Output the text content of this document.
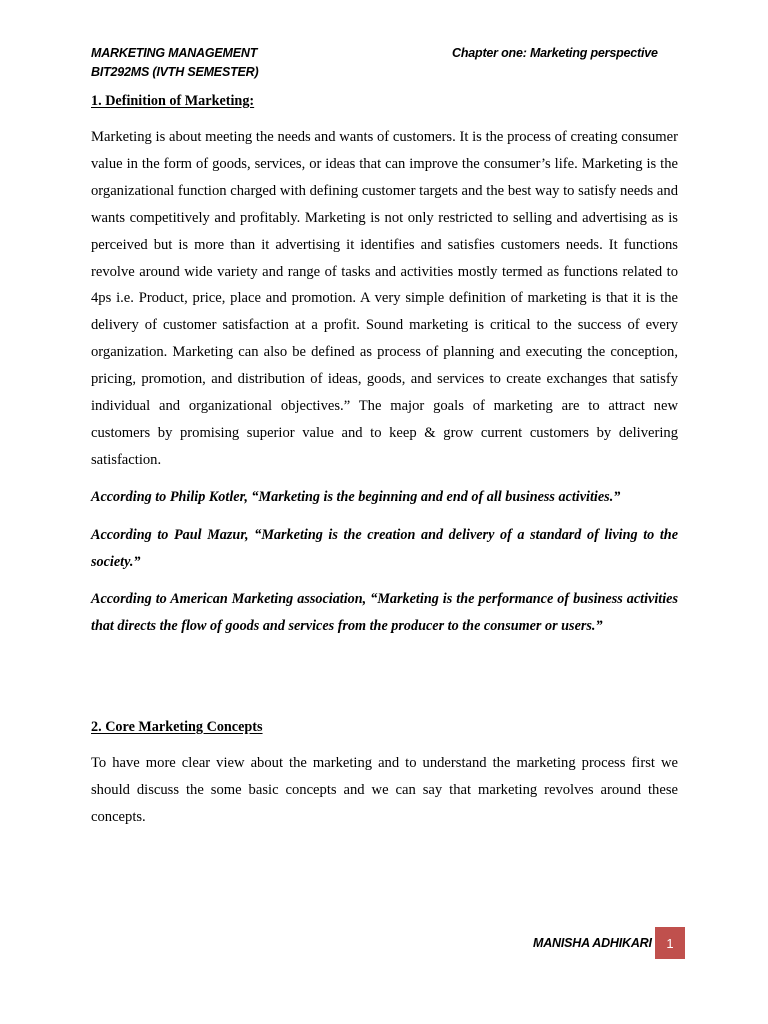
MARKETING MANAGEMENT
BIT292MS (IVTH SEMESTER)
Chapter one: Marketing perspective
1. Definition of Marketing:

Marketing is about meeting the needs and wants of customers. It is the process of creating consumer value in the form of goods, services, or ideas that can improve the consumer’s life. Marketing is the organizational function charged with defining customer targets and the best way to satisfy needs and wants competitively and profitably. Marketing is not only restricted to selling and advertising as is perceived but is more than it advertising it identifies and satisfies customers needs. It functions revolve around wide variety and range of tasks and activities mostly termed as functions related to 4ps i.e. Product, price, place and promotion. A very simple definition of marketing is that it is the delivery of customer satisfaction at a profit. Sound marketing is critical to the success of every organization. Marketing can also be defined as process of planning and executing the conception, pricing, promotion, and distribution of ideas, goods, and services to create exchanges that satisfy individual and organizational objectives.” The major goals of marketing are to attract new customers by promising superior value and to keep & grow current customers by delivering satisfaction.

According to Philip Kotler, “Marketing is the beginning and end of all business activities.”

According to Paul Mazur, “Marketing is the creation and delivery of a standard of living to the society.”

According to American Marketing association, “Marketing is the performance of business activities that directs the flow of goods and services from the producer to the consumer or users.”

2. Core Marketing Concepts

To have more clear view about the marketing and to understand the marketing process first we should discuss the some basic concepts and we can say that marketing revolves around these concepts.

MANISHA ADHIKARI	1
